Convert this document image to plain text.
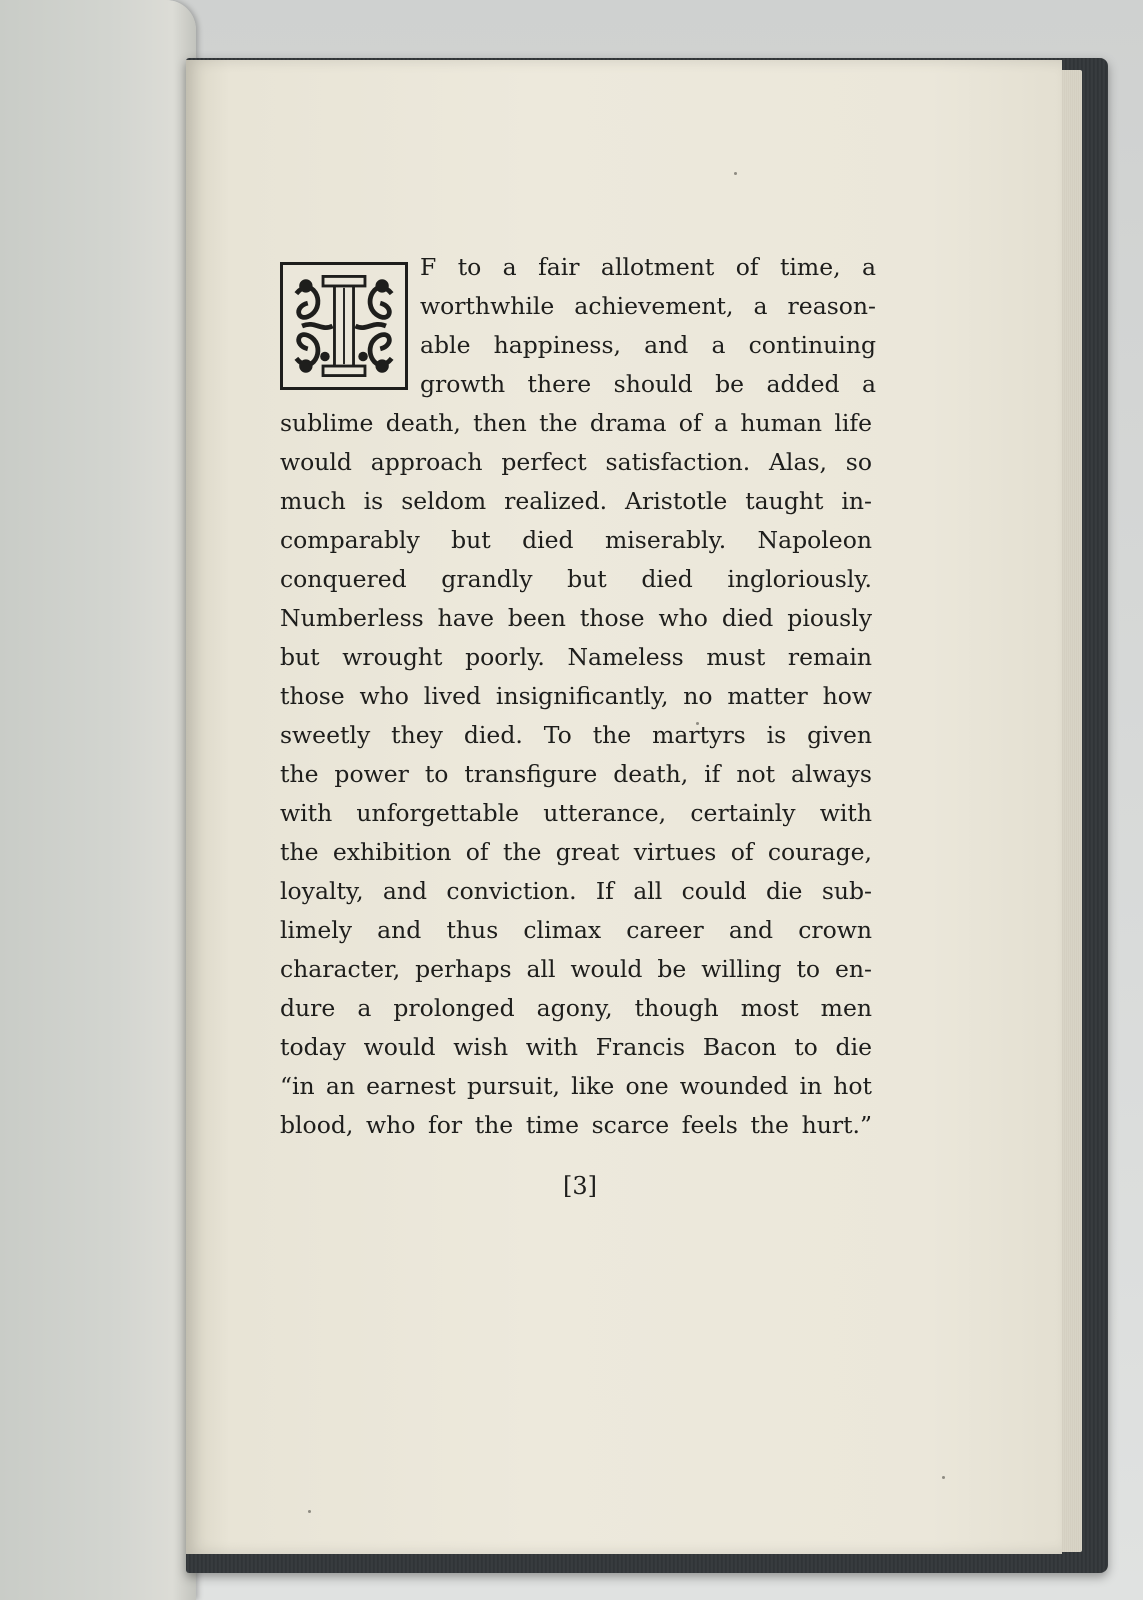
F to a fair allotment of time, a
worthwhile achievement, a reason-
able happiness, and a continuing
growth there should be added a
sublime death, then the drama of a human life
would approach perfect satisfaction. Alas, so
much is seldom realized. Aristotle taught in-
comparably but died miserably. Napoleon
conquered grandly but died ingloriously.
Numberless have been those who died piously
but wrought poorly. Nameless must remain
those who lived insignificantly, no matter how
sweetly they died. To the martyrs is given
the power to transfigure death, if not always
with unforgettable utterance, certainly with
the exhibition of the great virtues of courage,
loyalty, and conviction. If all could die sub-
limely and thus climax career and crown
character, perhaps all would be willing to en-
dure a prolonged agony, though most men
today would wish with Francis Bacon to die
“in an earnest pursuit, like one wounded in hot
blood, who for the time scarce feels the hurt.”
[3]
